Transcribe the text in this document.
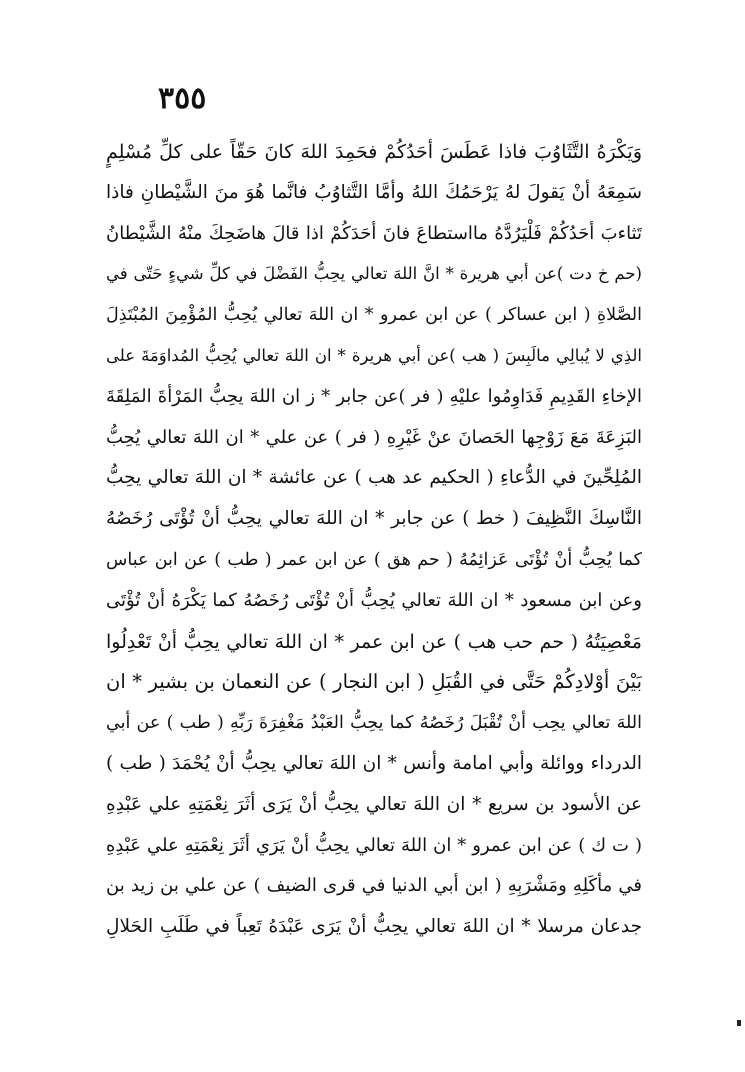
٣٥٥
وَيَكْرَهُ التَّثَاوُبَ فاذا عَطَسَ أحَدُكُمْ فحَمِدَ اللهَ كانَ حَقّاً على كلِّ مُسْلِمٍ
سَمِعَهُ أنْ يَقولَ لهُ يَرْحَمُكَ اللهُ وأمَّا التَّثاوُبُ فانَّما هُوَ منَ الشَّيْطانِ فاذا
تَثاءبَ أحَدُكُمْ فَلْيَرُدَّهُ مااستطاعَ فانَ أحَدَكُمْ اذا قالَ هاضَحِكَ منْهُ الشَّيْطانُ
(حم خ دت )عن أبي هريرة * انَّ اللهَ تعالي يحِبُّ الفَضْلَ في كلِّ شيءٍ حَتّى في
الصَّلاةِ ( ابن عساكر ) عن ابن عمرو * ان اللهَ تعالي يُحِبُّ المُؤْمِنَ المُبْتَذِلَ
الذِي لا يُبالِي مالَبِسَ ( هب )عن أبي هريرة * ان اللهَ تعالي يُحِبُّ المُداوَمَةَ على
الإخاءِ القَدِيمِ فَدَاوِمُوا عليْهِ ( فر )عن جابر * ز ان اللهَ يحِبُّ المَرْأةَ المَلِقَةَ
البَزِعَةَ مَعَ زَوْجِها الحَصانَ عنْ غَيْرِهِ ( فر ) عن علي * ان اللهَ تعالي يُحِبُّ
المُلِحِّينَ في الدُّعاءِ ( الحكيم عد هب ) عن عائشة * ان اللهَ تعالي يحِبُّ
النَّاسِكَ النَّظِيفَ ( خط ) عن جابر * ان اللهَ تعالي يحِبُّ أنْ تُؤْتَى رُخَصُهُ
كما يُحِبُّ أنْ تُؤْتَى عَزائِمُهُ ( حم هق ) عن ابن عمر ( طب ) عن ابن عباس
وعن ابن مسعود * ان اللهَ تعالي يُحِبُّ أنْ تُؤْتَى رُخَصُهُ كما يَكْرَهُ أنْ تُؤْتَى
مَعْصِيَتُهُ ( حم حب هب ) عن ابن عمر * ان اللهَ تعالي يحِبُّ أنْ تَعْدِلُوا
بَيْنَ أوْلادِكُمْ حَتَّى في القُبَلِ ( ابن النجار ) عن النعمان بن بشير * ان
اللهَ تعالي يحِب أنْ تُقْبَلَ رُخَصُهُ كما يحِبُّ العَبْدُ مَغْفِرَةَ رَبِّهِ ( طب ) عن أبي
الدرداء ووائلة وأبي امامة وأنس * ان اللهَ تعالي يحِبُّ أنْ يُحْمَدَ ( طب )
عن الأسود بن سريع * ان اللهَ تعالي يحِبُّ أنْ يَرَى أثَرَ نِعْمَتِهِ علي عَبْدِهِ
( ت ك ) عن ابن عمرو * ان اللهَ تعالي يحِبُّ أنْ يَرَي أثَرَ نِعْمَتِهِ علي عَبْدِهِ
في مأكَلِهِ ومَشْرَبِهِ ( ابن أبي الدنيا في قرى الضيف ) عن علي بن زيد بن
جدعان مرسلا * ان اللهَ تعالي يحِبُّ أنْ يَرَى عَبْدَهُ تَعِباً في طَلَبِ الحَلالِ
